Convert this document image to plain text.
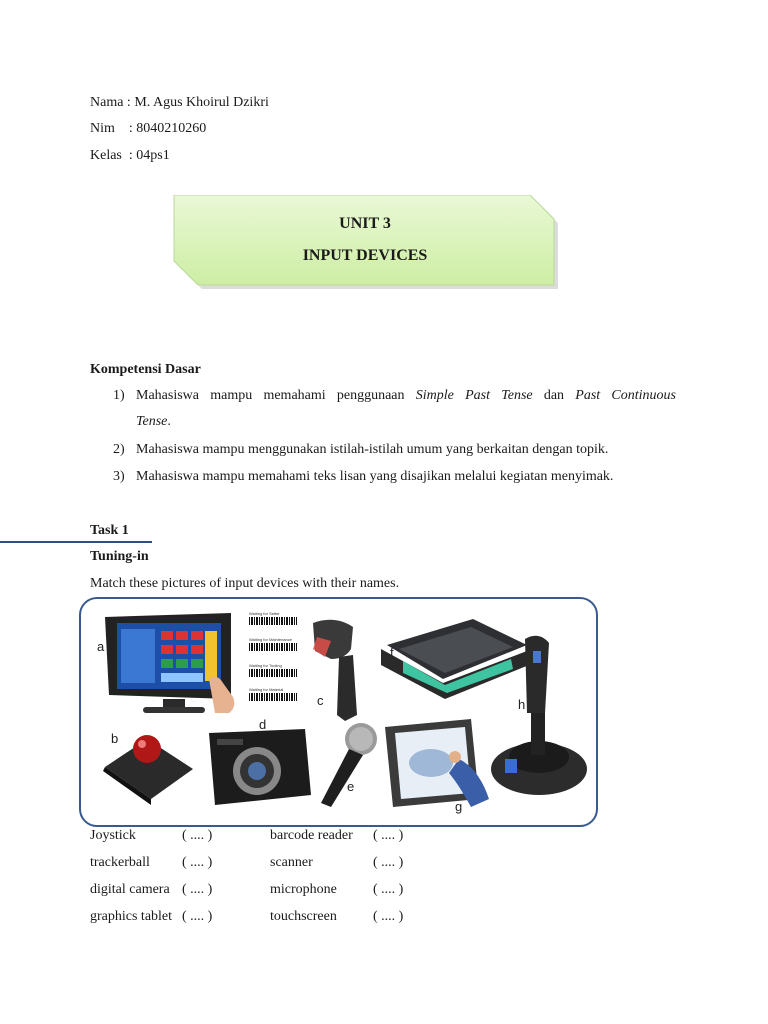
Nama : M. Agus Khoirul Dzikri
Nim    : 8040210260
Kelas  : 04ps1
UNIT 3
INPUT DEVICES
Kompetensi Dasar
1) Mahasiswa mampu memahami penggunaan Simple Past Tense dan Past Continuous
Tense.
2) Mahasiswa mampu menggunakan istilah-istilah umum yang berkaitan dengan topik.
3) Mahasiswa mampu memahami teks lisan yang disajikan melalui kegiatan menyimak.
Task 1
Tuning-in
Match these pictures of input devices with their names.
Waiting for Setter
Waiting for Maintenance
Waiting for Tooling
Waiting for Material
a
b
c
d
e
f
g
h
Joystick	( .... )	barcode reader ( .... )
trackerball ( .... )	scanner	( .... )
digital camera ( .... )	microphone	( .... )
graphics tablet ( .... )	touchscreen	( .... )
